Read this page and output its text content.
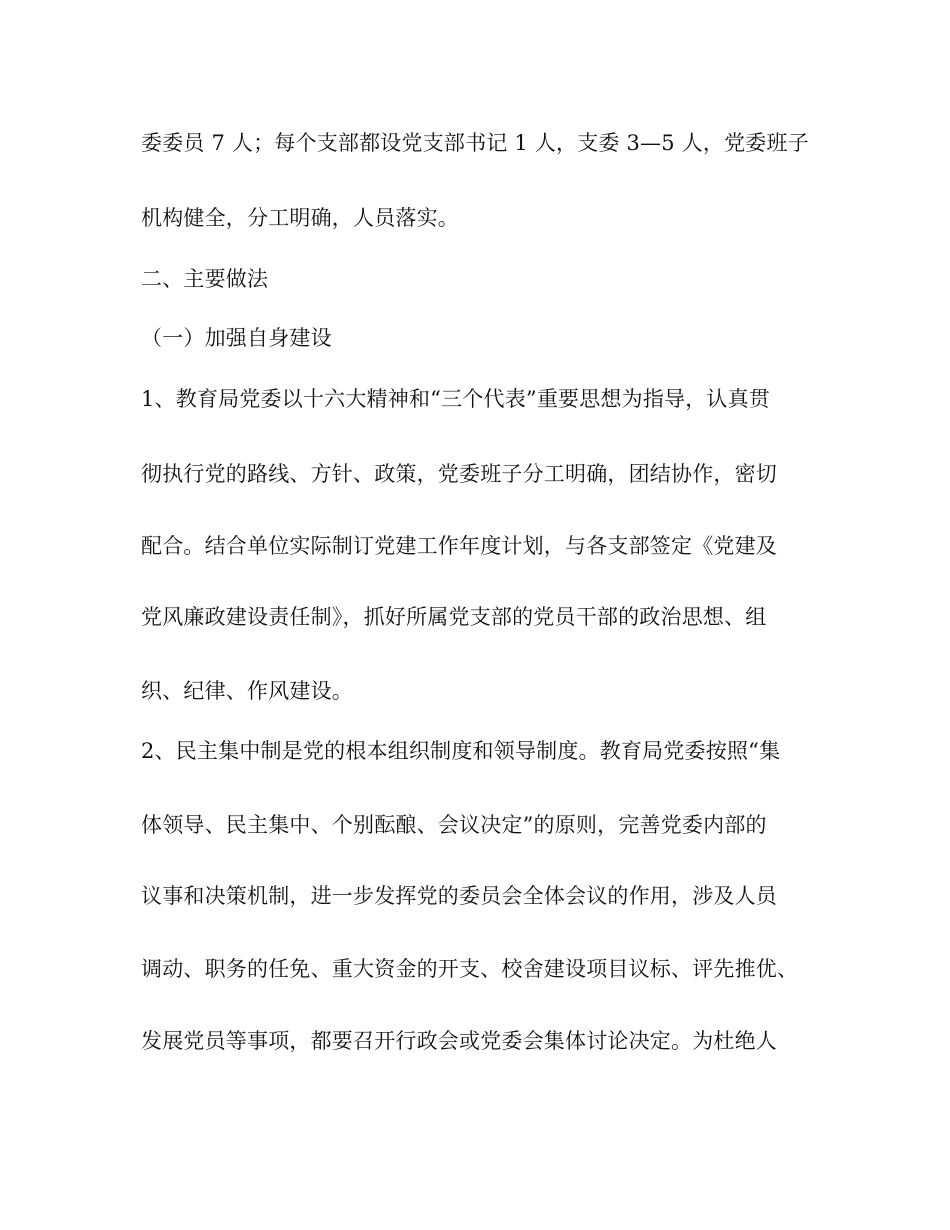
委委员 7 人；每个支部都设党支部书记 1 人，支委 3—5 人，党委班子
机构健全，分工明确，人员落实。
二、主要做法
（一）加强自身建设
1、教育局党委以十六大精神和“三个代表”重要思想为指导，认真贯
彻执行党的路线、方针、政策，党委班子分工明确，团结协作，密切
配合。结合单位实际制订党建工作年度计划，与各支部签定《党建及
党风廉政建设责任制》，抓好所属党支部的党员干部的政治思想、组
织、纪律、作风建设。
2、民主集中制是党的根本组织制度和领导制度。教育局党委按照“集
体领导、民主集中、个别酝酿、会议决定”的原则，完善党委内部的
议事和决策机制，进一步发挥党的委员会全体会议的作用，涉及人员
调动、职务的任免、重大资金的开支、校舍建设项目议标、评先推优、
发展党员等事项，都要召开行政会或党委会集体讨论决定。为杜绝人
